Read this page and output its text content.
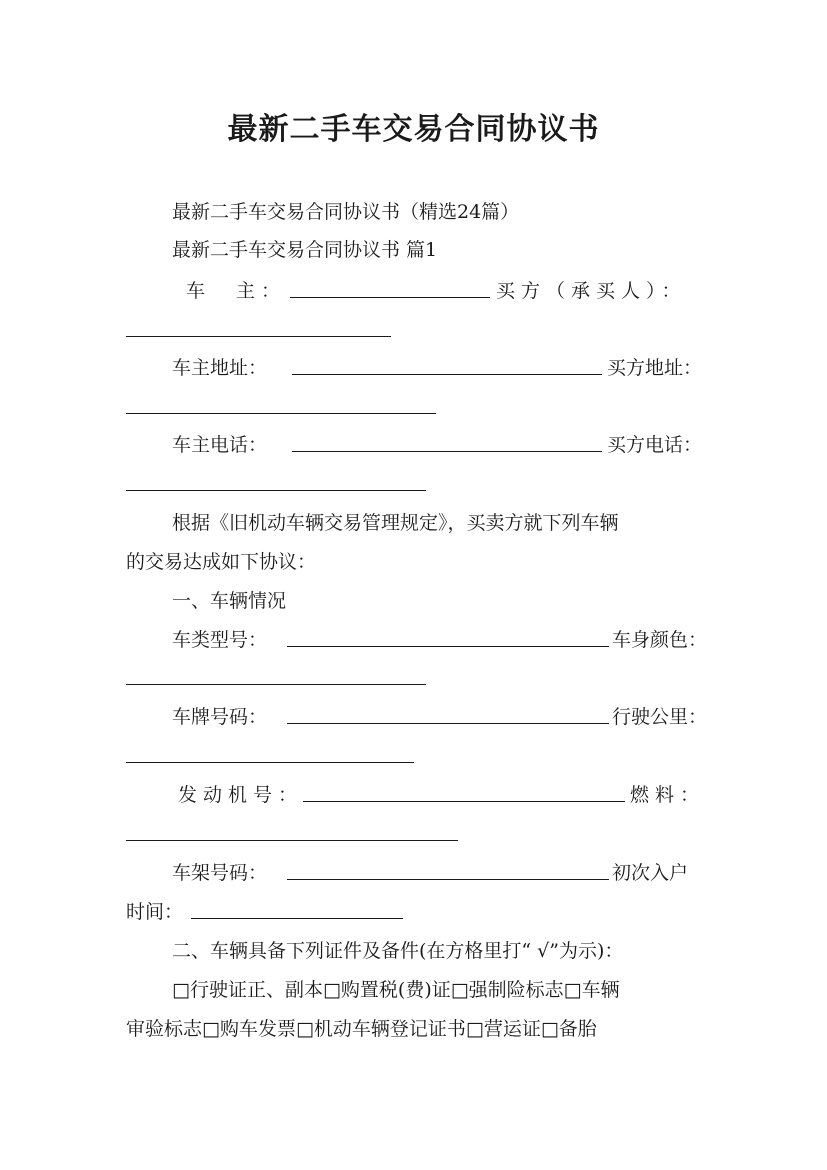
最新二手车交易合同协议书
最新二手车交易合同协议书（精选24篇）
最新二手车交易合同协议书 篇1
车　主：	买方（承买人）：
车主地址：	买方地址：
车主电话：	买方电话：
根据《旧机动车辆交易管理规定》，买卖方就下列车辆
的交易达成如下协议：
一、车辆情况
车类型号：	车身颜色：
车牌号码：	行驶公里：
发动机号：	燃料：
车架号码：	初次入户
时间：
二、车辆具备下列证件及备件(在方格里打“ √”为示)：
□行驶证正、副本□购置税(费)证□强制险标志□车辆
审验标志□购车发票□机动车辆登记证书□营运证□备胎
